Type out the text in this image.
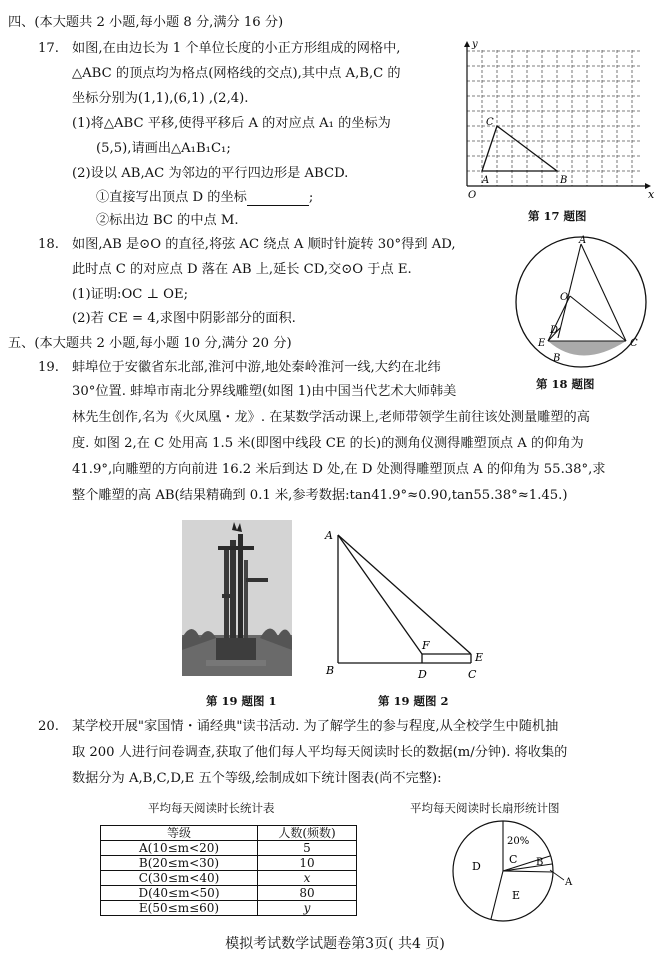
四、(本大题共 2 小题,每小题 8 分,满分 16 分)
17. 如图,在由边长为 1 个单位长度的小正方形组成的网格中,
△ABC 的顶点均为格点(网格线的交点),其中点 A,B,C 的
坐标分别为(1,1),(6,1) ,(2,4).
(1)将△ABC 平移,使得平移后 A 的对应点 A₁ 的坐标为
(5,5),请画出△A₁B₁C₁;
(2)设以 AB,AC 为邻边的平行四边形是 ABCD.
①直接写出顶点 D 的坐标	;
②标出边 BC 的中点 M.
y
x
O
A	B
C
第 17 题图
18. 如图,AB 是⊙O 的直径,将弦 AC 绕点 A 顺时针旋转 30°得到 AD,
此时点 C 的对应点 D 落在 AB 上,延长 CD,交⊙O 于点 E.
(1)证明:OC ⊥ OE;
(2)若 CE = 4,求图中阴影部分的面积.
A
O
D
E
B
C
第 18 题图
五、(本大题共 2 小题,每小题 10 分,满分 20 分)
19. 蚌埠位于安徽省东北部,淮河中游,地处秦岭淮河一线,大约在北纬
30°位置. 蚌埠市南北分界线雕塑(如图 1)由中国当代艺术大师韩美
林先生创作,名为《火凤凰・龙》. 在某数学活动课上,老师带领学生前往该处测量雕塑的高
度. 如图 2,在 C 处用高 1.5 米(即图中线段 CE 的长)的测角仪测得雕塑顶点 A 的仰角为
41.9°,向雕塑的方向前进 16.2 米后到达 D 处,在 D 处测得雕塑顶点 A 的仰角为 55.38°,求
整个雕塑的高 AB(结果精确到 0.1 米,参考数据:tan41.9°≈0.90,tan55.38°≈1.45.)
A
B	D	C
F
E
第 19 题图 1	第 19 题图 2
20. 某学校开展"家国情・诵经典"读书活动. 为了解学生的参与程度,从全校学生中随机抽
取 200 人进行问卷调查,获取了他们每人平均每天阅读时长的数据(m/分钟). 将收集的
数据分为 A,B,C,D,E 五个等级,绘制成如下统计图表(尚不完整):
平均每天阅读时长统计表	平均每天阅读时长扇形统计图
等级	人数(频数)
A(10≤m<20)	5
B(20≤m<30)	10
C(30≤m<40)	x
D(40≤m<50)	80
E(50≤m≤60)	y
20%
D
C B
A
E
模拟考试数学试题卷第3页( 共4 页)
